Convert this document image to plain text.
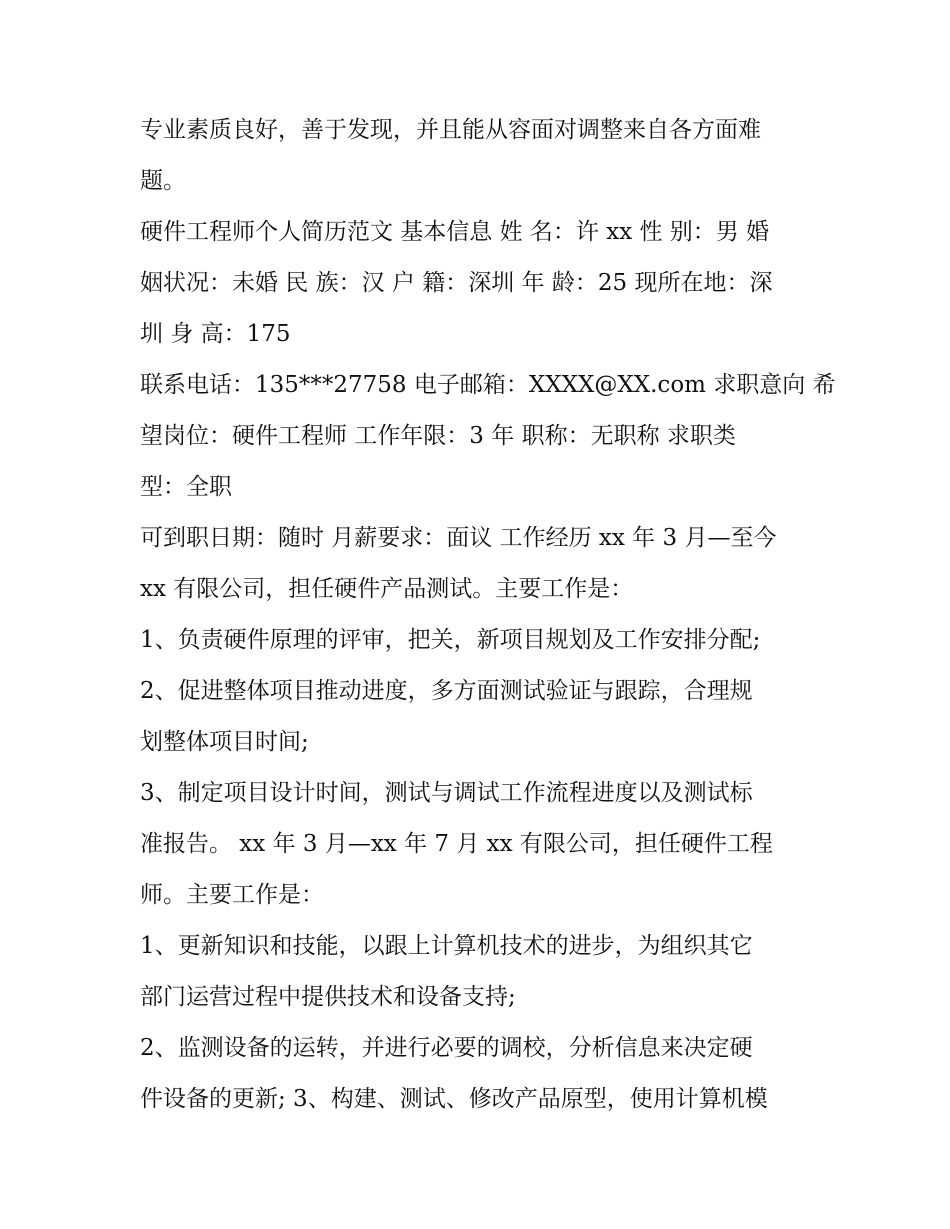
专业素质良好，善于发现，并且能从容面对调整来自各方面难
题。
硬件工程师个人简历范文 基本信息 姓 名：许 xx 性 别：男 婚
姻状况：未婚 民 族：汉 户 籍：深圳 年 龄：25 现所在地：深
圳 身 高：175
联系电话：135***27758 电子邮箱：XXXX@XX.com 求职意向 希
望岗位：硬件工程师 工作年限：3 年 职称：无职称 求职类
型：全职
可到职日期：随时 月薪要求：面议 工作经历 xx 年 3 月—至今
xx 有限公司，担任硬件产品测试。主要工作是：
1、负责硬件原理的评审，把关，新项目规划及工作安排分配;
2、促进整体项目推动进度，多方面测试验证与跟踪，合理规
划整体项目时间;
3、制定项目设计时间，测试与调试工作流程进度以及测试标
准报告。 xx 年 3 月—xx 年 7 月 xx 有限公司，担任硬件工程
师。主要工作是：
1、更新知识和技能，以跟上计算机技术的进步，为组织其它
部门运营过程中提供技术和设备支持;
2、监测设备的运转，并进行必要的调校，分析信息来决定硬
件设备的更新; 3、构建、测试、修改产品原型，使用计算机模
